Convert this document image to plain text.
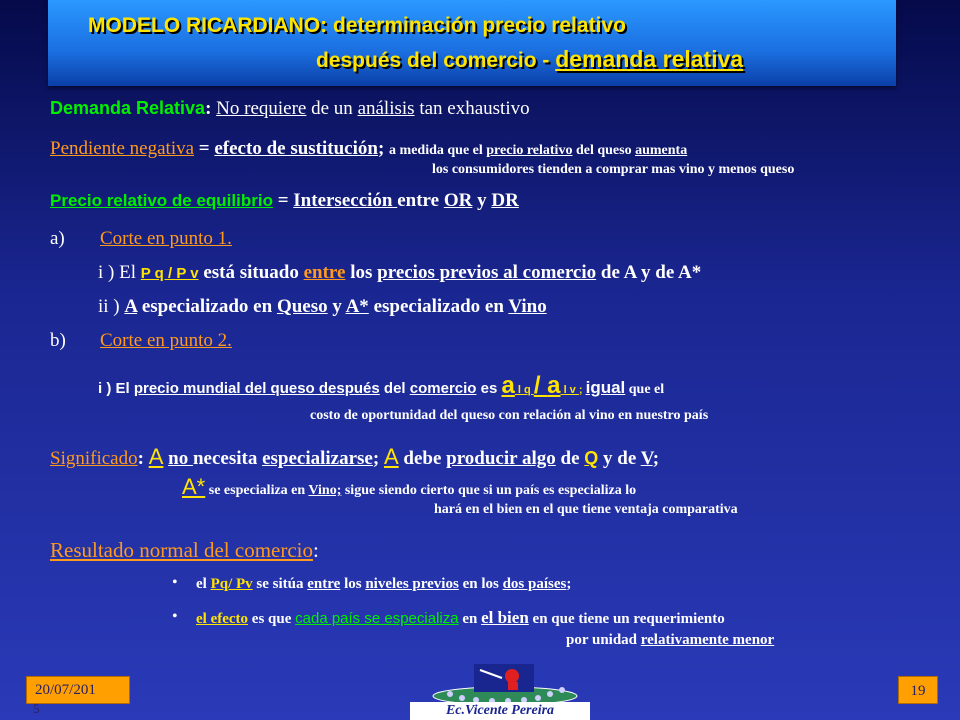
MODELO RICARDIANO: determinación precio relativo
después del comercio - demanda relativa
Demanda Relativa: No requiere de un análisis tan exhaustivo
Pendiente negativa = efecto de sustitución; a medida que el precio relativo del queso aumenta
los consumidores tienden a comprar mas vino y menos queso
Precio relativo de equilibrio = Intersección entre OR y DR
a) Corte en punto 1.
i ) El P q / P v está situado entre los precios previos al comercio de A y de A*
ii ) A especializado en Queso y A* especializado en Vino
b) Corte en punto 2.
i ) El precio mundial del queso después del comercio es a l q / a l v ; igual que el
costo de oportunidad del queso con relación al vino en nuestro país
Significado: A no necesita especializarse; A debe producir algo de Q y de V;
A* se especializa en Vino; sigue siendo cierto que si un país es especializa lo
hará en el bien en el que tiene ventaja comparativa
Resultado normal del comercio:
• el Pq/ Pv se sitúa entre los niveles previos en los dos países;
• el efecto es que cada país se especializa en el bien en que tiene un requerimiento
por unidad relativamente menor
20/07/201
5	Ec.Vicente Pereira
19
